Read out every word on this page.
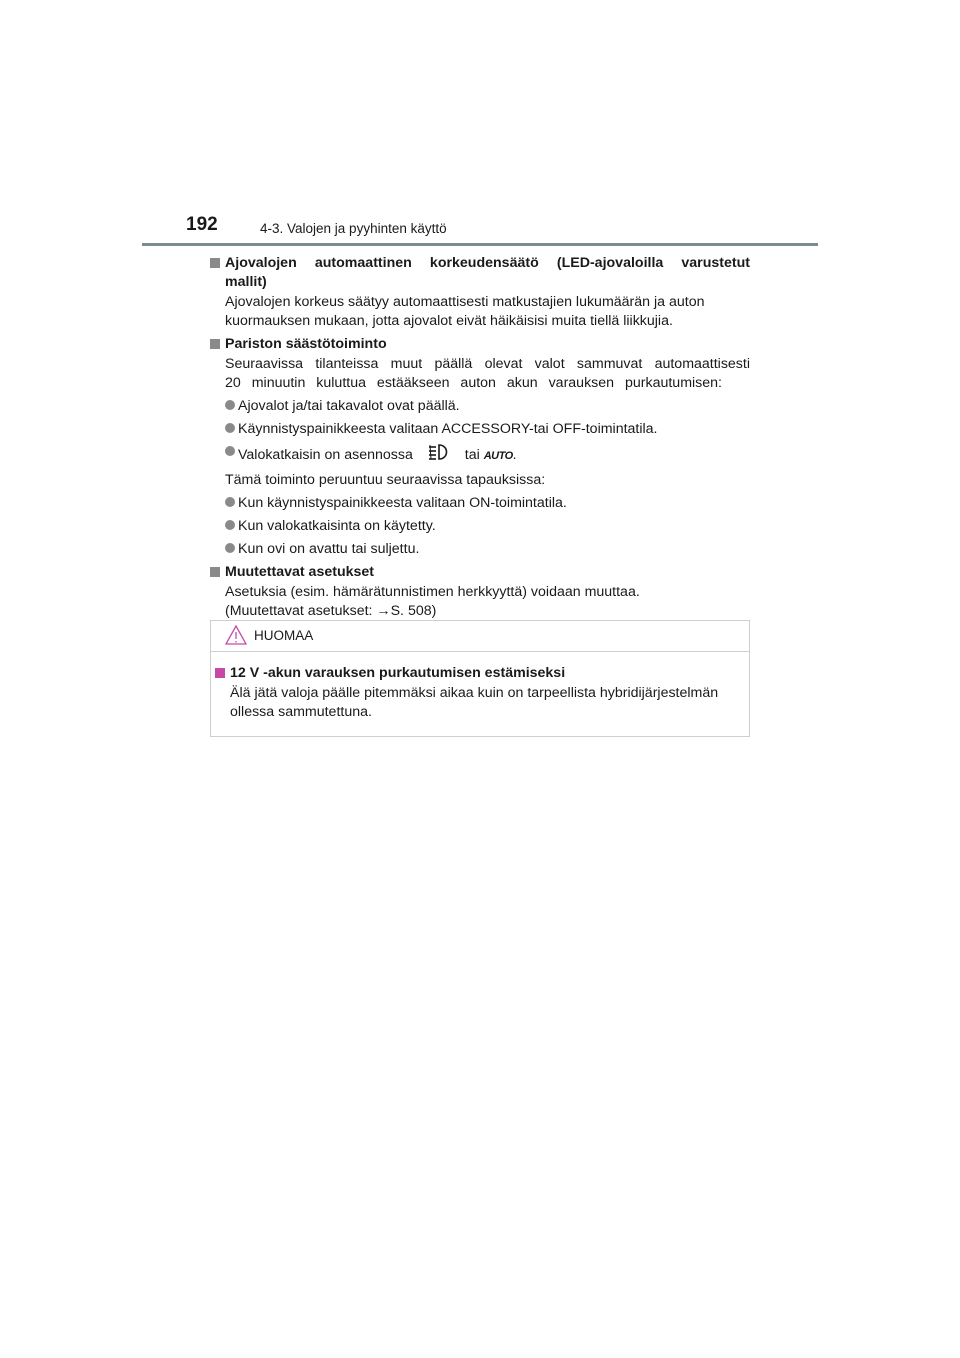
192	4-3. Valojen ja pyyhinten käyttö

Ajovalojen automaattinen korkeudensäätö (LED-ajovaloilla varustetut mallit)

Ajovalojen korkeus säätyy automaattisesti matkustajien lukumäärän ja auton kuormauksen mukaan, jotta ajovalot eivät häikäisisi muita tiellä liikkujia.

Pariston säästötoiminto

Seuraavissa tilanteissa muut päällä olevat valot sammuvat automaattisesti 20 minuutin kuluttua estääkseen auton akun varauksen purkautumisen:

Ajovalot ja/tai takavalot ovat päällä.
Käynnistyspainikkeesta valitaan ACCESSORY-tai OFF-toimintatila.
Valokatkaisin on asennossa	tai AUTO.

Tämä toiminto peruuntuu seuraavissa tapauksissa:

Kun käynnistyspainikkeesta valitaan ON-toimintatila.
Kun valokatkaisinta on käytetty.
Kun ovi on avattu tai suljettu.

Muutettavat asetukset

Asetuksia (esim. hämärätunnistimen herkkyyttä) voidaan muuttaa.

(Muutettavat asetukset: →S. 508)

HUOMAA

12 V -akun varauksen purkautumisen estämiseksi

Älä jätä valoja päälle pitemmäksi aikaa kuin on tarpeellista hybridijärjestelmän ollessa sammutettuna.
